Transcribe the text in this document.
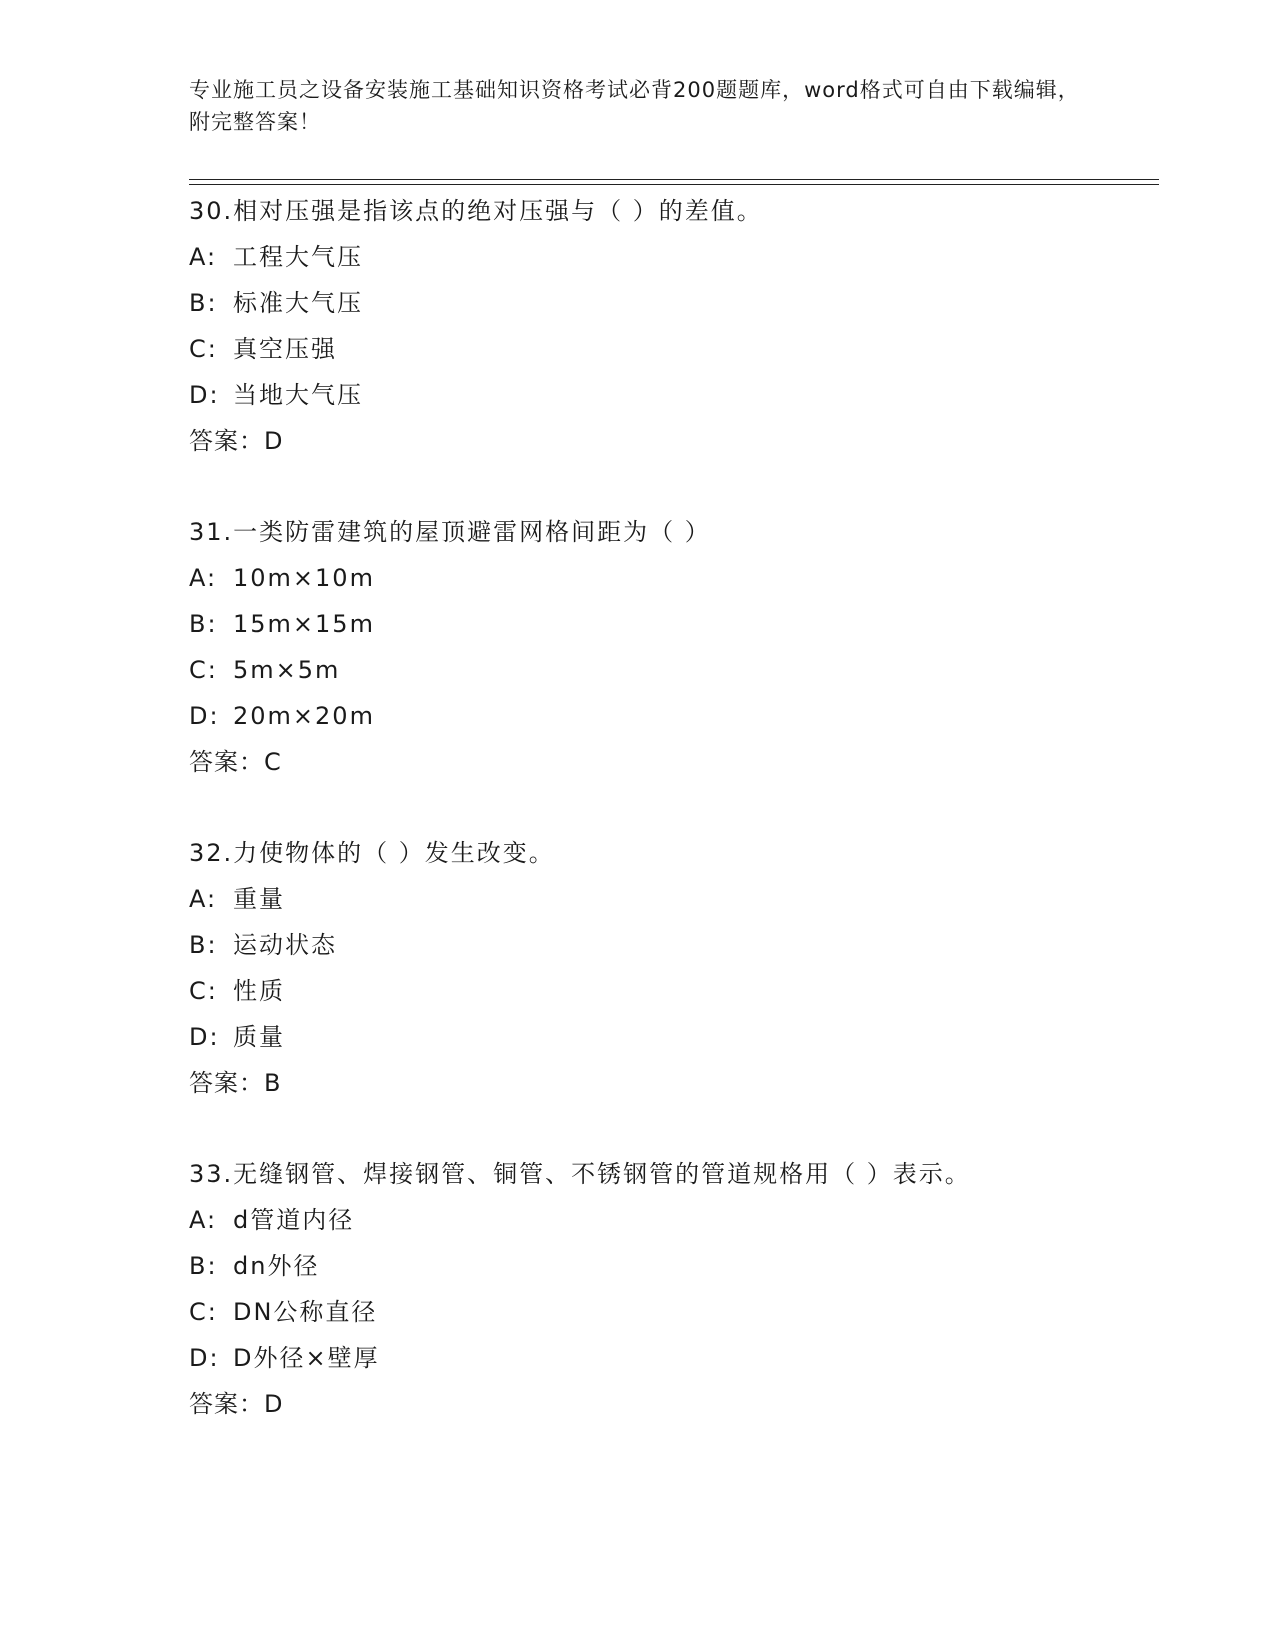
专业施工员之设备安装施工基础知识资格考试必背200题题库，word格式可自由下载编辑，附完整答案！
30.相对压强是指该点的绝对压强与（ ）的差值。
A: 工程大气压
B: 标准大气压
C: 真空压强
D: 当地大气压
答案：D
31.一类防雷建筑的屋顶避雷网格间距为（ ）
A: 10m×10m
B: 15m×15m
C: 5m×5m
D: 20m×20m
答案：C
32.力使物体的（ ）发生改变。
A: 重量
B: 运动状态
C: 性质
D: 质量
答案：B
33.无缝钢管、焊接钢管、铜管、不锈钢管的管道规格用（ ）表示。
A: d管道内径
B: dn外径
C: DN公称直径
D: D外径×壁厚
答案：D
